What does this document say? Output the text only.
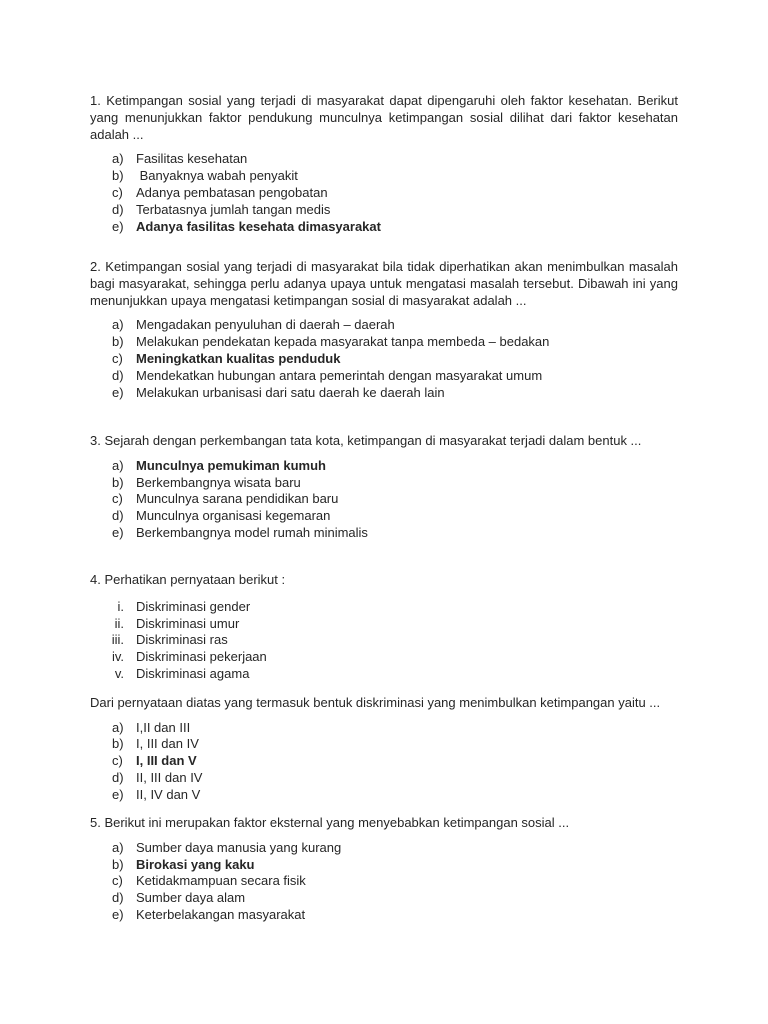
1. Ketimpangan sosial yang terjadi di masyarakat dapat dipengaruhi oleh faktor kesehatan. Berikut yang menunjukkan faktor pendukung munculnya ketimpangan sosial dilihat dari faktor kesehatan adalah ...

a) Fasilitas kesehatan
b) Banyaknya wabah penyakit
c)	Adanya pembatasan pengobatan
d) Terbatasnya jumlah tangan medis
e) Adanya fasilitas kesehata dimasyarakat

2. Ketimpangan sosial yang terjadi di masyarakat bila tidak diperhatikan akan menimbulkan masalah bagi masyarakat, sehingga perlu adanya upaya untuk mengatasi masalah tersebut. Dibawah ini yang menunjukkan upaya mengatasi ketimpangan sosial di masyarakat adalah ...

a) Mengadakan penyuluhan di daerah – daerah
b) Melakukan pendekatan kepada masyarakat tanpa membeda – bedakan
c)	Meningkatkan kualitas penduduk
d) Mendekatkan hubungan antara pemerintah dengan masyarakat umum
e) Melakukan urbanisasi dari satu daerah ke daerah lain

3. Sejarah dengan perkembangan tata kota, ketimpangan di masyarakat terjadi dalam bentuk ...

a) Munculnya pemukiman kumuh
b) Berkembangnya wisata baru
c)	Munculnya sarana pendidikan baru
d) Munculnya organisasi kegemaran
e) Berkembangnya model rumah minimalis

4. Perhatikan pernyataan berikut :

i. Diskriminasi gender
ii. Diskriminasi umur
iii. Diskriminasi ras
iv. Diskriminasi pekerjaan
v. Diskriminasi agama

Dari pernyataan diatas yang termasuk bentuk diskriminasi yang menimbulkan ketimpangan yaitu ...

a) I,II dan III
b) I, III dan IV
c)	I, III dan V
d) II, III dan IV
e) II, IV dan V

5. Berikut ini merupakan faktor eksternal yang menyebabkan ketimpangan sosial ...

a) Sumber daya manusia yang kurang
b) Birokasi yang kaku
c)	Ketidakmampuan secara fisik
d) Sumber daya alam
e) Keterbelakangan masyarakat
